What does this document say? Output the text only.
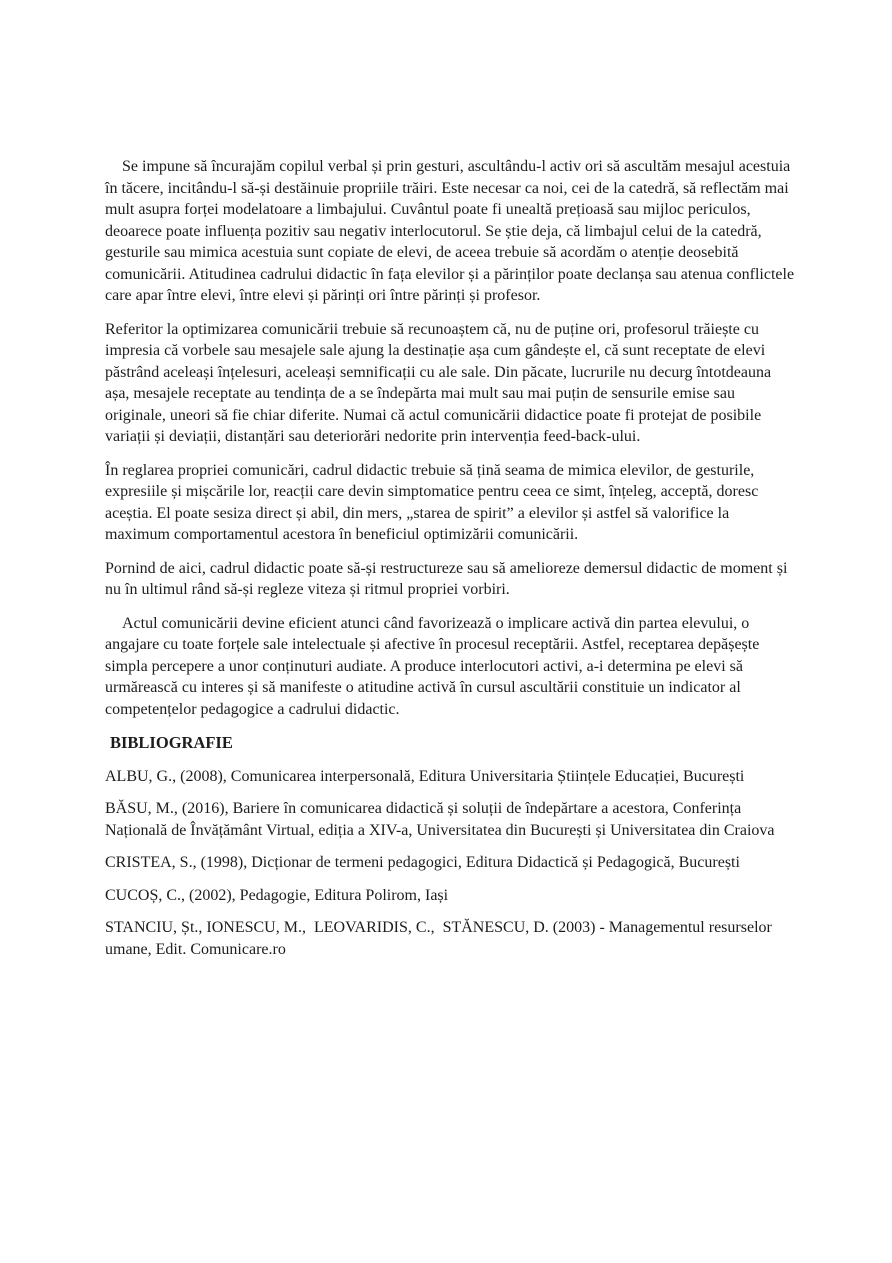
Se impune să încurajăm copilul verbal și prin gesturi, ascultându-l activ ori să ascultăm mesajul acestuia în tăcere, incitându-l să-și destăinuie propriile trăiri. Este necesar ca noi, cei de la catedră, să reflectăm mai mult asupra forței modelatoare a limbajului. Cuvântul poate fi unealtă prețioasă sau mijloc periculos, deoarece poate influența pozitiv sau negativ interlocutorul. Se știe deja, că limbajul celui de la catedră, gesturile sau mimica acestuia sunt copiate de elevi, de aceea trebuie să acordăm o atenție deosebită comunicării. Atitudinea cadrului didactic în fața elevilor și a părinților poate declanșa sau atenua conflictele care apar între elevi, între elevi și părinți ori între părinți și profesor.

Referitor la optimizarea comunicării trebuie să recunoaștem că, nu de puține ori, profesorul trăiește cu impresia că vorbele sau mesajele sale ajung la destinație așa cum gândește el, că sunt receptate de elevi păstrând aceleași înțelesuri, aceleași semnificații cu ale sale. Din păcate, lucrurile nu decurg întotdeauna așa, mesajele receptate au tendința de a se îndepărta mai mult sau mai puțin de sensurile emise sau originale, uneori să fie chiar diferite. Numai că actul comunicării didactice poate fi protejat de posibile variații și deviații, distanțări sau deteriorări nedorite prin intervenția feed-back-ului.

În reglarea propriei comunicări, cadrul didactic trebuie să țină seama de mimica elevilor, de gesturile, expresiile și mișcările lor, reacții care devin simptomatice pentru ceea ce simt, înțeleg, acceptă, doresc aceștia. El poate sesiza direct și abil, din mers, „starea de spirit” a elevilor și astfel să valorifice la maximum comportamentul acestora în beneficiul optimizării comunicării.

Pornind de aici, cadrul didactic poate să-și restructureze sau să amelioreze demersul didactic de moment și nu în ultimul rând să-și regleze viteza și ritmul propriei vorbiri.

Actul comunicării devine eficient atunci când favorizează o implicare activă din partea elevului, o angajare cu toate forțele sale intelectuale și afective în procesul receptării. Astfel, receptarea depășește simpla percepere a unor conținuturi audiate. A produce interlocutori activi, a-i determina pe elevi să urmărească cu interes și să manifeste o atitudine activă în cursul ascultării constituie un indicator al competențelor pedagogice a cadrului didactic.

BIBLIOGRAFIE

ALBU, G., (2008), Comunicarea interpersonală, Editura Universitaria Științele Educației, București

BĂSU, M., (2016), Bariere în comunicarea didactică și soluții de îndepărtare a acestora, Conferința Națională de Învățământ Virtual, ediția a XIV-a, Universitatea din București și Universitatea din Craiova

CRISTEA, S., (1998), Dicționar de termeni pedagogici, Editura Didactică și Pedagogică, București

CUCOȘ, C., (2002), Pedagogie, Editura Polirom, Iași

STANCIU, Șt., IONESCU, M.,  LEOVARIDIS, C.,  STĂNESCU, D. (2003) - Managementul resurselor umane, Edit. Comunicare.ro
